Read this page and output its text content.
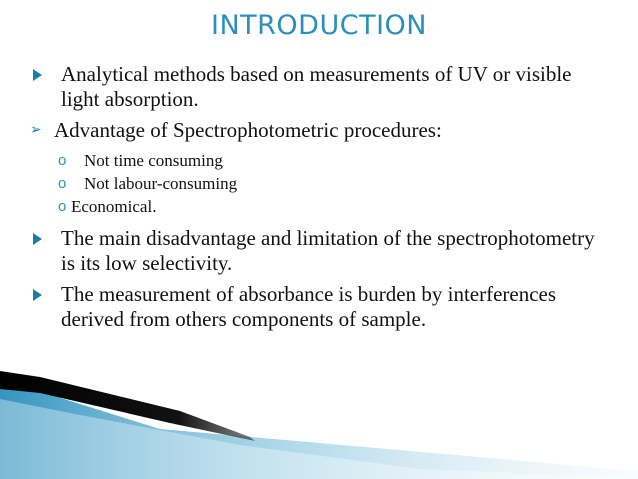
INTRODUCTION
Analytical methods based on measurements of UV or visible light absorption.
➢ Advantage of Spectrophotometric procedures:
o Not time consuming
o Not labour-consuming
o Economical.
The main disadvantage and limitation of the spectrophotometry is its low selectivity.
The measurement of absorbance is burden by interferences derived from others components of sample.
